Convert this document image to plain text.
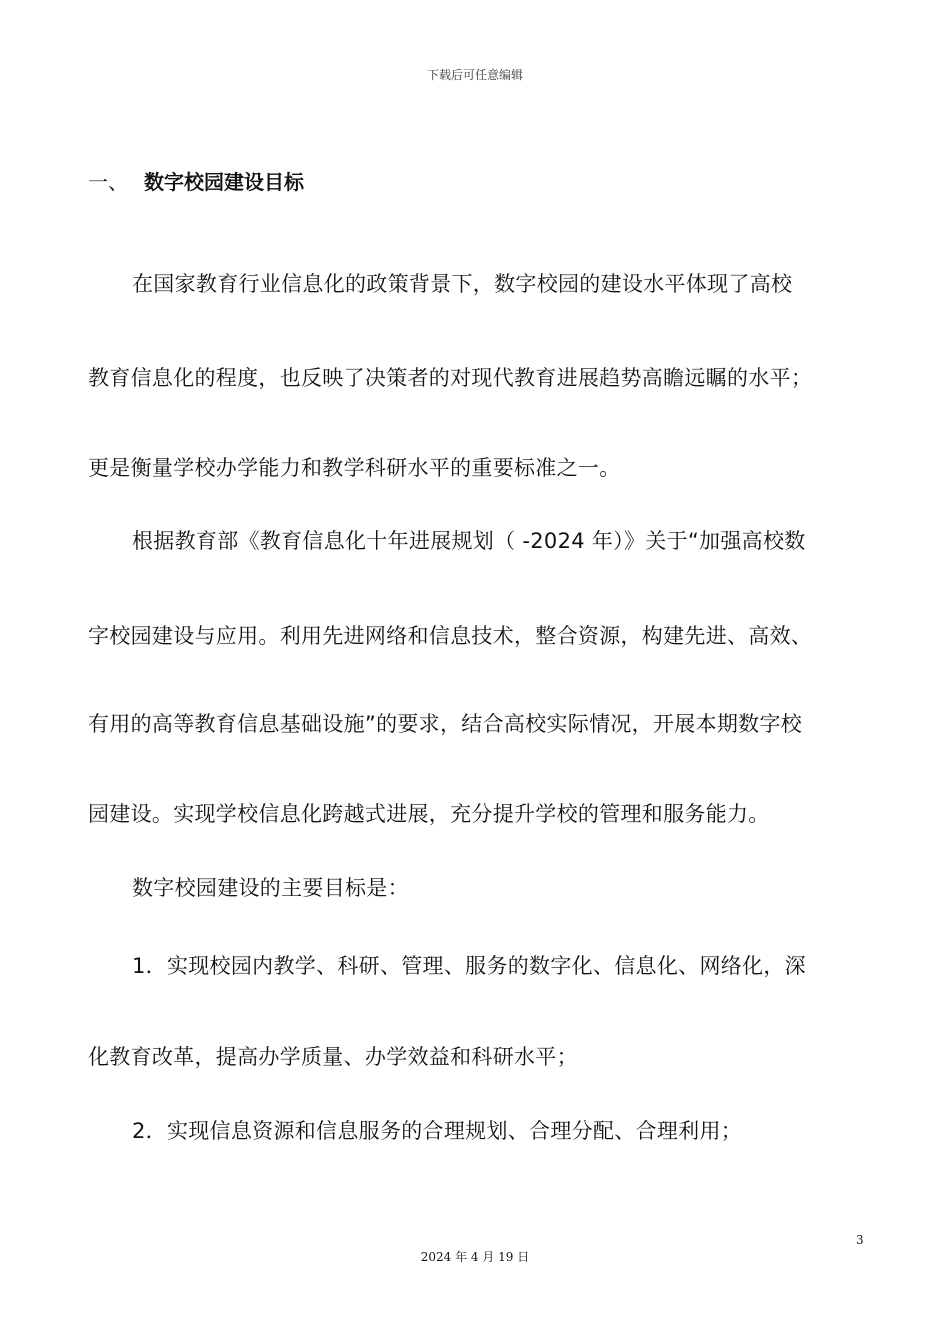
下载后可任意编辑
一、 数字校园建设目标
在国家教育行业信息化的政策背景下，数字校园的建设水平体现了高校
教育信息化的程度，也反映了决策者的对现代教育进展趋势高瞻远瞩的水平；
更是衡量学校办学能力和教学科研水平的重要标准之一。
根据教育部《教育信息化十年进展规划（ -2024 年）》关于“加强高校数
字校园建设与应用。利用先进网络和信息技术，整合资源，构建先进、高效、
有用的高等教育信息基础设施”的要求，结合高校实际情况，开展本期数字校
园建设。实现学校信息化跨越式进展，充分提升学校的管理和服务能力。
数字校园建设的主要目标是：
1．实现校园内教学、科研、管理、服务的数字化、信息化、网络化，深
化教育改革，提高办学质量、办学效益和科研水平；
2．实现信息资源和信息服务的合理规划、合理分配、合理利用；
3
2024 年 4 月 19 日
